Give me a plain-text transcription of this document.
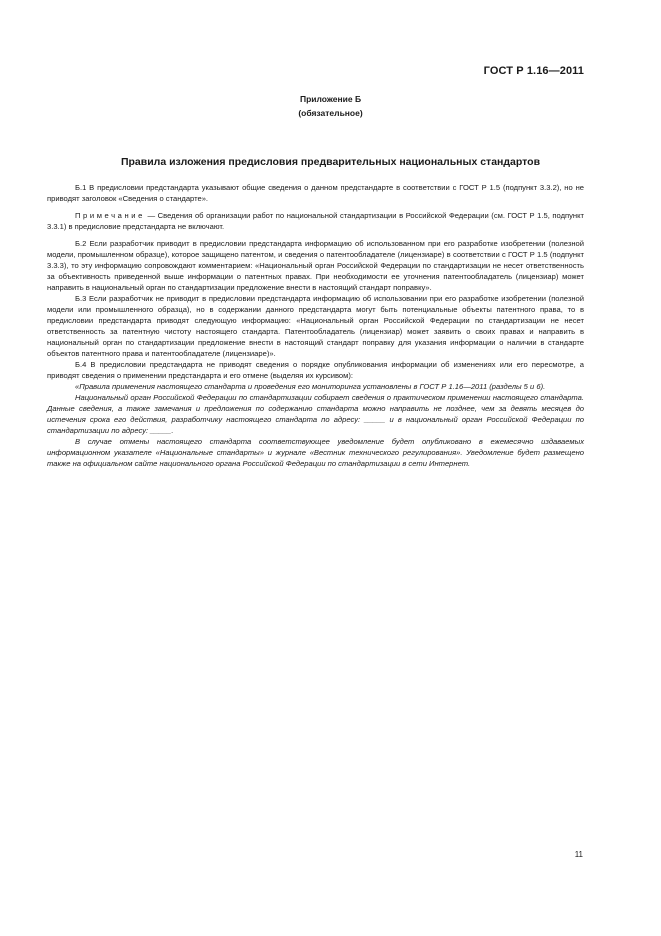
ГОСТ Р 1.16—2011
Приложение Б
(обязательное)
Правила изложения предисловия предварительных национальных стандартов

Б.1 В предисловии предстандарта указывают общие сведения о данном предстандарте в соответствии с ГОСТ Р 1.5 (подпункт 3.3.2), но не приводят заголовок «Сведения о стандарте».

Примечание — Сведения об организации работ по национальной стандартизации в Российской Федерации (см. ГОСТ Р 1.5, подпункт 3.3.1) в предисловие предстандарта не включают.

Б.2 Если разработчик приводит в предисловии предстандарта информацию об использованном при его разработке изобретении (полезной модели, промышленном образце), которое защищено патентом, и сведения о патентообладателе (лицензиаре) в соответствии с ГОСТ Р 1.5 (подпункт 3.3.3), то эту информацию сопровождают комментарием: «Национальный орган Российской Федерации по стандартизации не несет ответственность за объективность приведенной выше информации о патентных правах. При необходимости ее уточнения патентообладатель (лицензиар) может направить в национальный орган по стандартизации предложение внести в настоящий стандарт поправку».

Б.3 Если разработчик не приводит в предисловии предстандарта информацию об использовании при его разработке изобретении (полезной модели или промышленного образца), но в содержании данного предстандарта могут быть потенциальные объекты патентного права, то в предисловии предстандарта приводят следующую информацию: «Национальный орган Российской Федерации по стандартизации не несет ответственность за патентную чистоту настоящего стандарта. Патентообладатель (лицензиар) может заявить о своих правах и направить в национальный орган по стандартизации предложение внести в настоящий стандарт поправку для указания информации о наличии в стандарте объектов патентного права и патентообладателе (лицензиаре)».

Б.4 В предисловии предстандарта не приводят сведения о порядке опубликования информации об изменениях или его пересмотре, а приводят сведения о применении предстандарта и его отмене (выделяя их курсивом):

«Правила применения настоящего стандарта и проведения его мониторинга установлены в ГОСТ Р 1.16—2011 (разделы 5 и 6).

Национальный орган Российской Федерации по стандартизации собирает сведения о практическом применении настоящего стандарта. Данные сведения, а также замечания и предложения по содержанию стандарта можно направить не позднее, чем за девять месяцев до истечения срока его действия, разработчику настоящего стандарта по адресу: _____ и в национальный орган Российской Федерации по стандартизации по адресу: _____.

В случае отмены настоящего стандарта соответствующее уведомление будет опубликовано в ежемесячно издаваемых информационном указателе «Национальные стандарты» и журнале «Вестник технического регулирования». Уведомление будет размещено также на официальном сайте национального органа Российской Федерации по стандартизации в сети Интернет.

11
